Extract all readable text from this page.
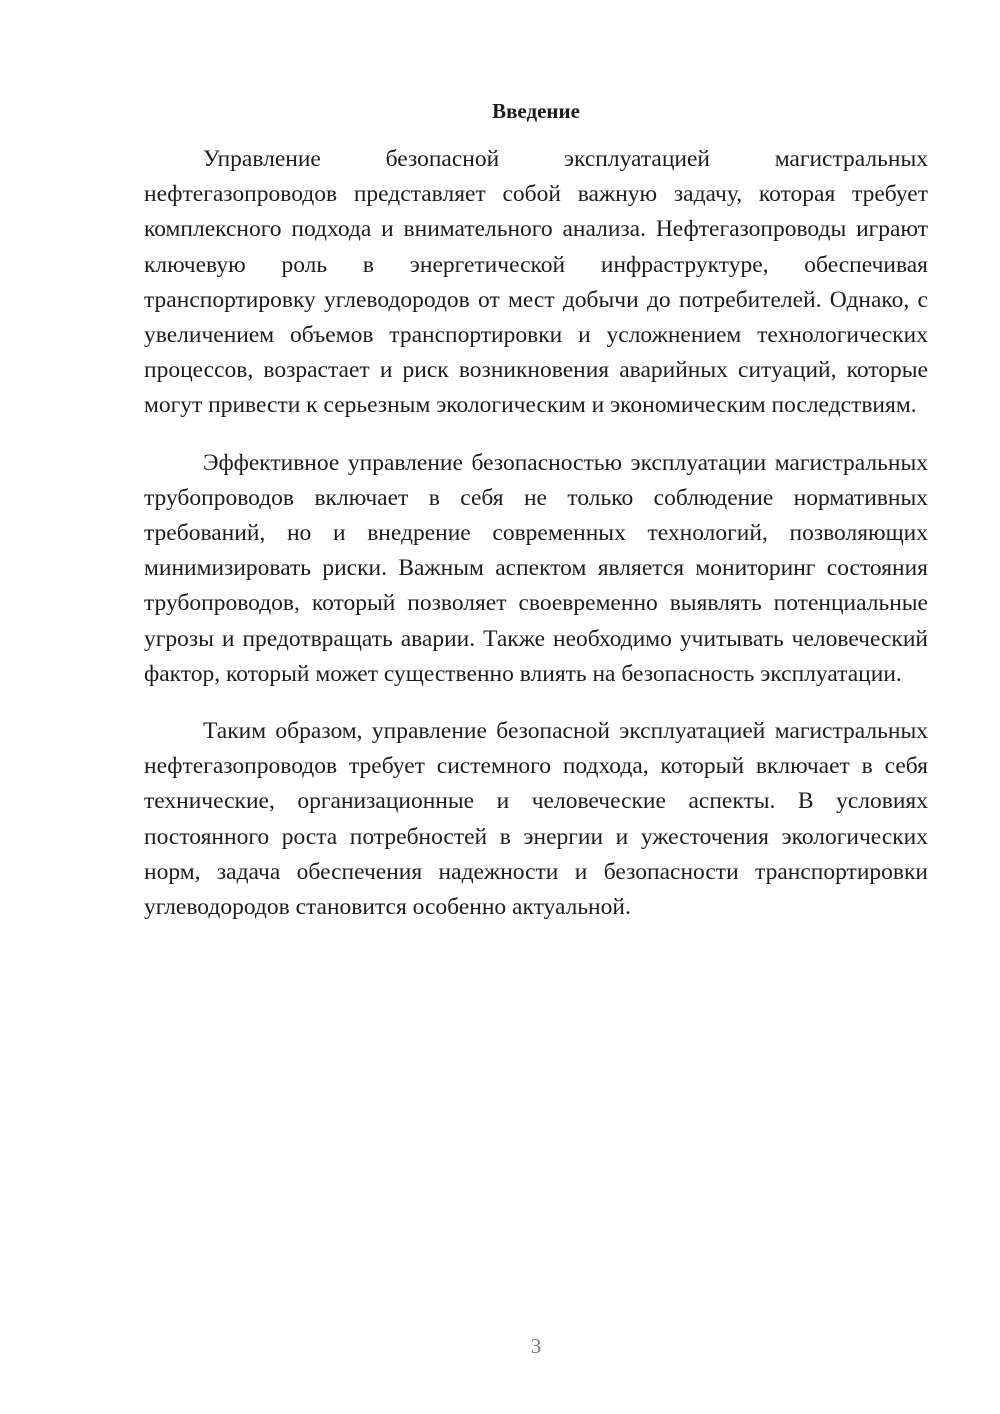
Введение

Управление безопасной эксплуатацией магистральных нефтегазопроводов представляет собой важную задачу, которая требует комплексного подхода и внимательного анализа. Нефтегазопроводы играют ключевую роль в энергетической инфраструктуре, обеспечивая транспортировку углеводородов от мест добычи до потребителей. Однако, с увеличением объемов транспортировки и усложнением технологических процессов, возрастает и риск возникновения аварийных ситуаций, которые могут привести к серьезным экологическим и экономическим последствиям.

Эффективное управление безопасностью эксплуатации магистральных трубопроводов включает в себя не только соблюдение нормативных требований, но и внедрение современных технологий, позволяющих минимизировать риски. Важным аспектом является мониторинг состояния трубопроводов, который позволяет своевременно выявлять потенциальные угрозы и предотвращать аварии. Также необходимо учитывать человеческий фактор, который может существенно влиять на безопасность эксплуатации.

Таким образом, управление безопасной эксплуатацией магистральных нефтегазопроводов требует системного подхода, который включает в себя технические, организационные и человеческие аспекты. В условиях постоянного роста потребностей в энергии и ужесточения экологических норм, задача обеспечения надежности и безопасности транспортировки углеводородов становится особенно актуальной.

3
